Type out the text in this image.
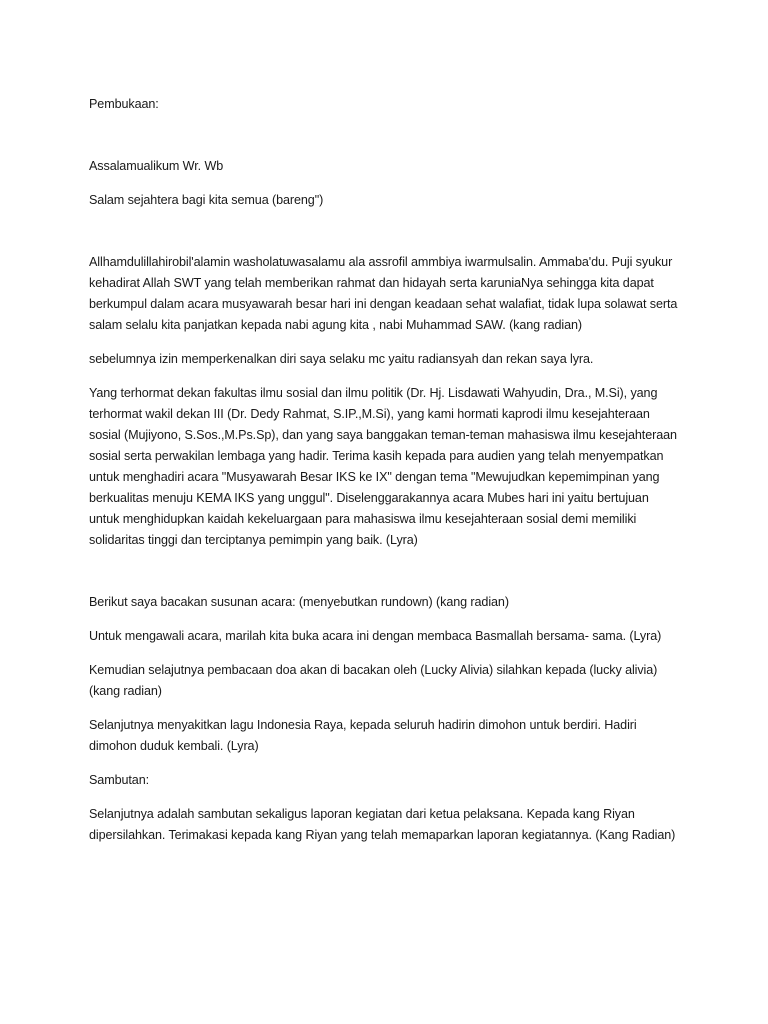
Pembukaan:

Assalamualikum Wr. Wb

Salam sejahtera bagi kita semua (bareng")

Allhamdulillahirobil'alamin washolatuwasalamu ala assrofil ammbiya iwarmulsalin. Ammaba'du. Puji syukur kehadirat Allah SWT yang telah memberikan rahmat dan hidayah serta karuniaNya sehingga kita dapat berkumpul dalam acara musyawarah besar hari ini dengan keadaan sehat walafiat, tidak lupa solawat serta salam selalu kita panjatkan kepada nabi agung kita , nabi Muhammad SAW. (kang radian)

sebelumnya izin memperkenalkan diri saya selaku mc yaitu radiansyah dan rekan saya lyra.

Yang terhormat dekan fakultas ilmu sosial dan ilmu politik (Dr. Hj. Lisdawati Wahyudin, Dra., M.Si), yang terhormat wakil dekan III (Dr. Dedy Rahmat, S.IP.,M.Si), yang kami hormati kaprodi ilmu kesejahteraan sosial (Mujiyono, S.Sos.,M.Ps.Sp), dan yang saya banggakan teman-teman mahasiswa ilmu kesejahteraan sosial serta perwakilan lembaga yang hadir. Terima kasih kepada para audien yang telah menyempatkan untuk menghadiri acara "Musyawarah Besar IKS ke IX" dengan tema "Mewujudkan kepemimpinan yang berkualitas menuju KEMA IKS yang unggul". Diselenggarakannya acara Mubes hari ini yaitu bertujuan untuk menghidupkan kaidah kekeluargaan para mahasiswa ilmu kesejahteraan sosial demi memiliki solidaritas tinggi dan terciptanya pemimpin yang baik. (Lyra)

Berikut saya bacakan susunan acara: (menyebutkan rundown) (kang radian)

Untuk mengawali acara, marilah kita buka acara ini dengan membaca Basmallah bersama- sama. (Lyra)

Kemudian selajutnya pembacaan doa akan di bacakan oleh (Lucky Alivia) silahkan kepada (lucky alivia) (kang radian)

Selanjutnya menyakitkan lagu Indonesia Raya, kepada seluruh hadirin dimohon untuk berdiri. Hadiri dimohon duduk kembali. (Lyra)

Sambutan:

Selanjutnya adalah sambutan sekaligus laporan kegiatan dari ketua pelaksana. Kepada kang Riyan dipersilahkan. Terimakasi kepada kang Riyan yang telah memaparkan laporan kegiatannya. (Kang Radian)
